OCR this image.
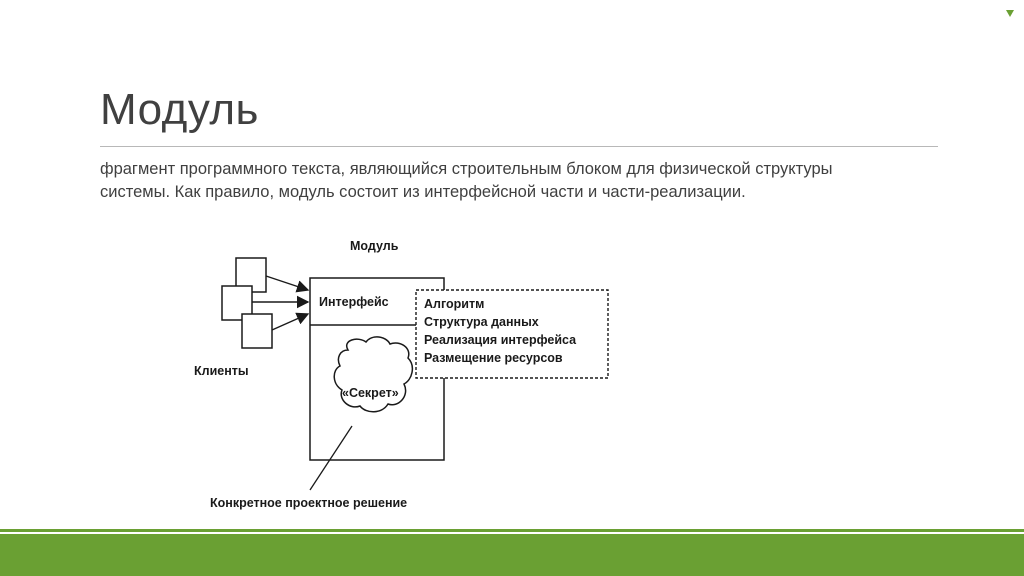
Модуль

фрагмент программного текста, являющийся строительным блоком для физической структуры системы. Как правило, модуль состоит из интерфейсной части и части-реализации.

Модуль
Клиенты
Интерфейс	Алгоритм
Структура данных
Реализация интерфейса
Размещение ресурсов
«Секрет»
Конкретное проектное решение
